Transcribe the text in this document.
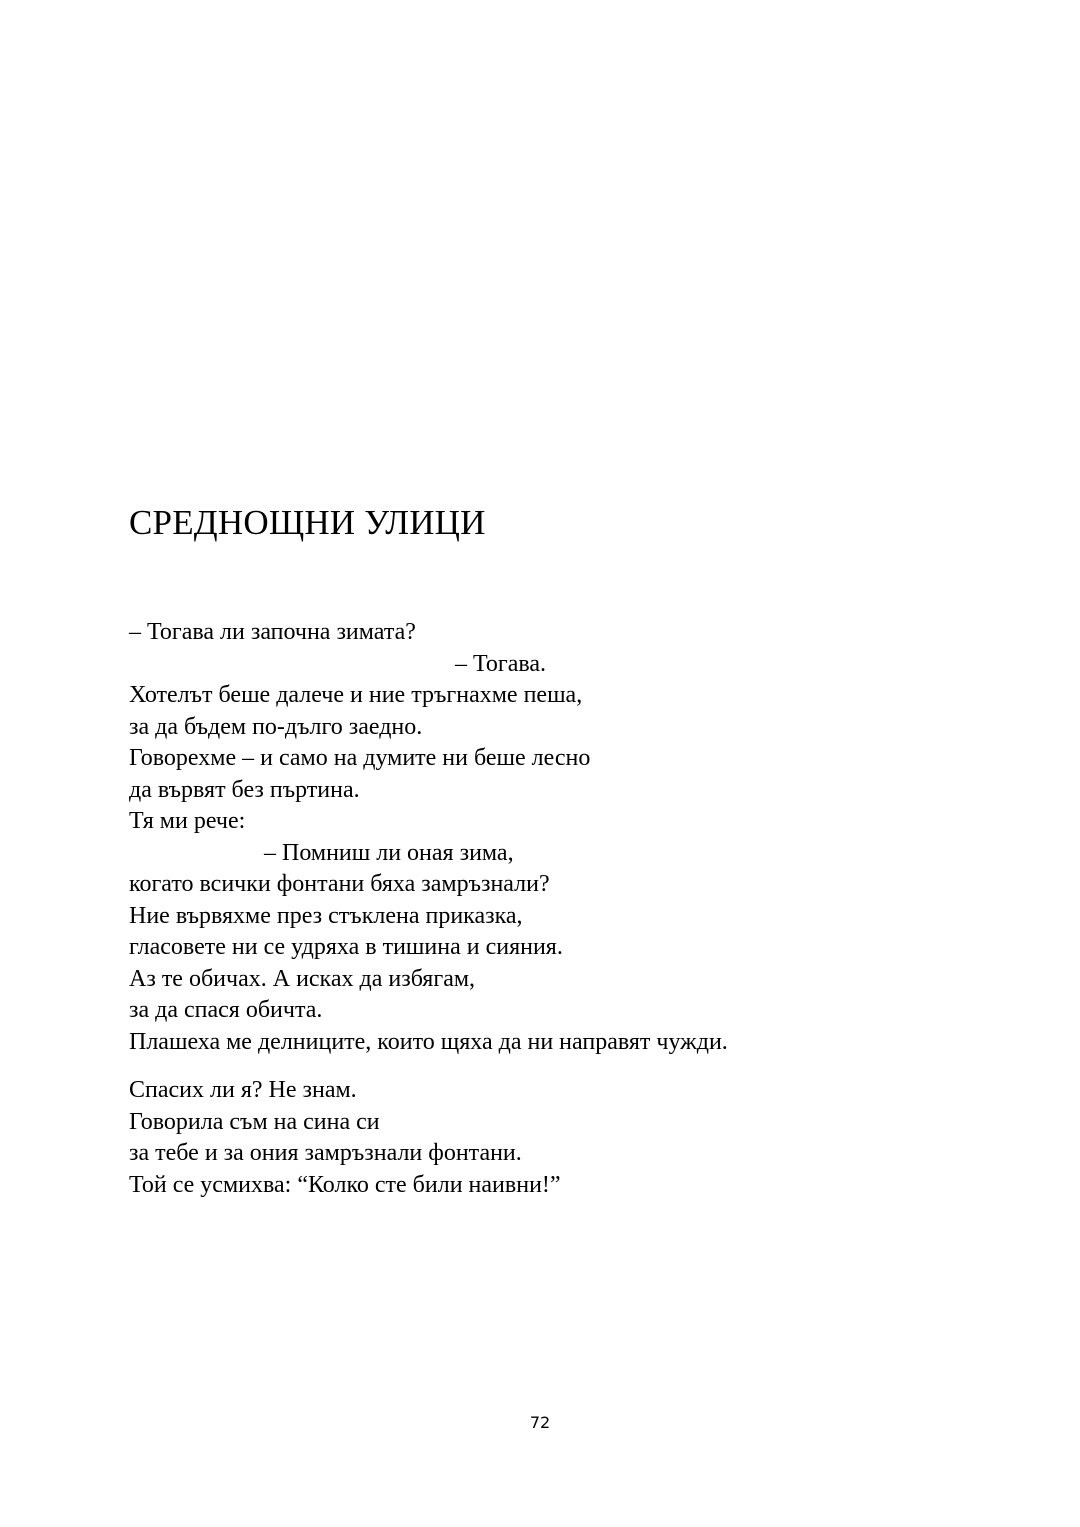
СРЕДНОЩНИ УЛИЦИ
– Тогава ли започна зимата?
– Тогава.
Хотелът беше далече и ние тръгнахме пеша,
за да бъдем по-дълго заедно.
Говорехме – и само на думите ни беше лесно
да вървят без пъртина.
Тя ми рече:
– Помниш ли оная зима,
когато всички фонтани бяха замръзнали?
Ние вървяхме през стъклена приказка,
гласовете ни се удряха в тишина и сияния.
Аз те обичах. А исках да избягам,
за да спася обичта.
Плашеха ме делниците, които щяха да ни направят чужди.
Спасих ли я? Не знам.
Говорила съм на сина си
за тебе и за ония замръзнали фонтани.
Той се усмихва: “Колко сте били наивни!”
72
